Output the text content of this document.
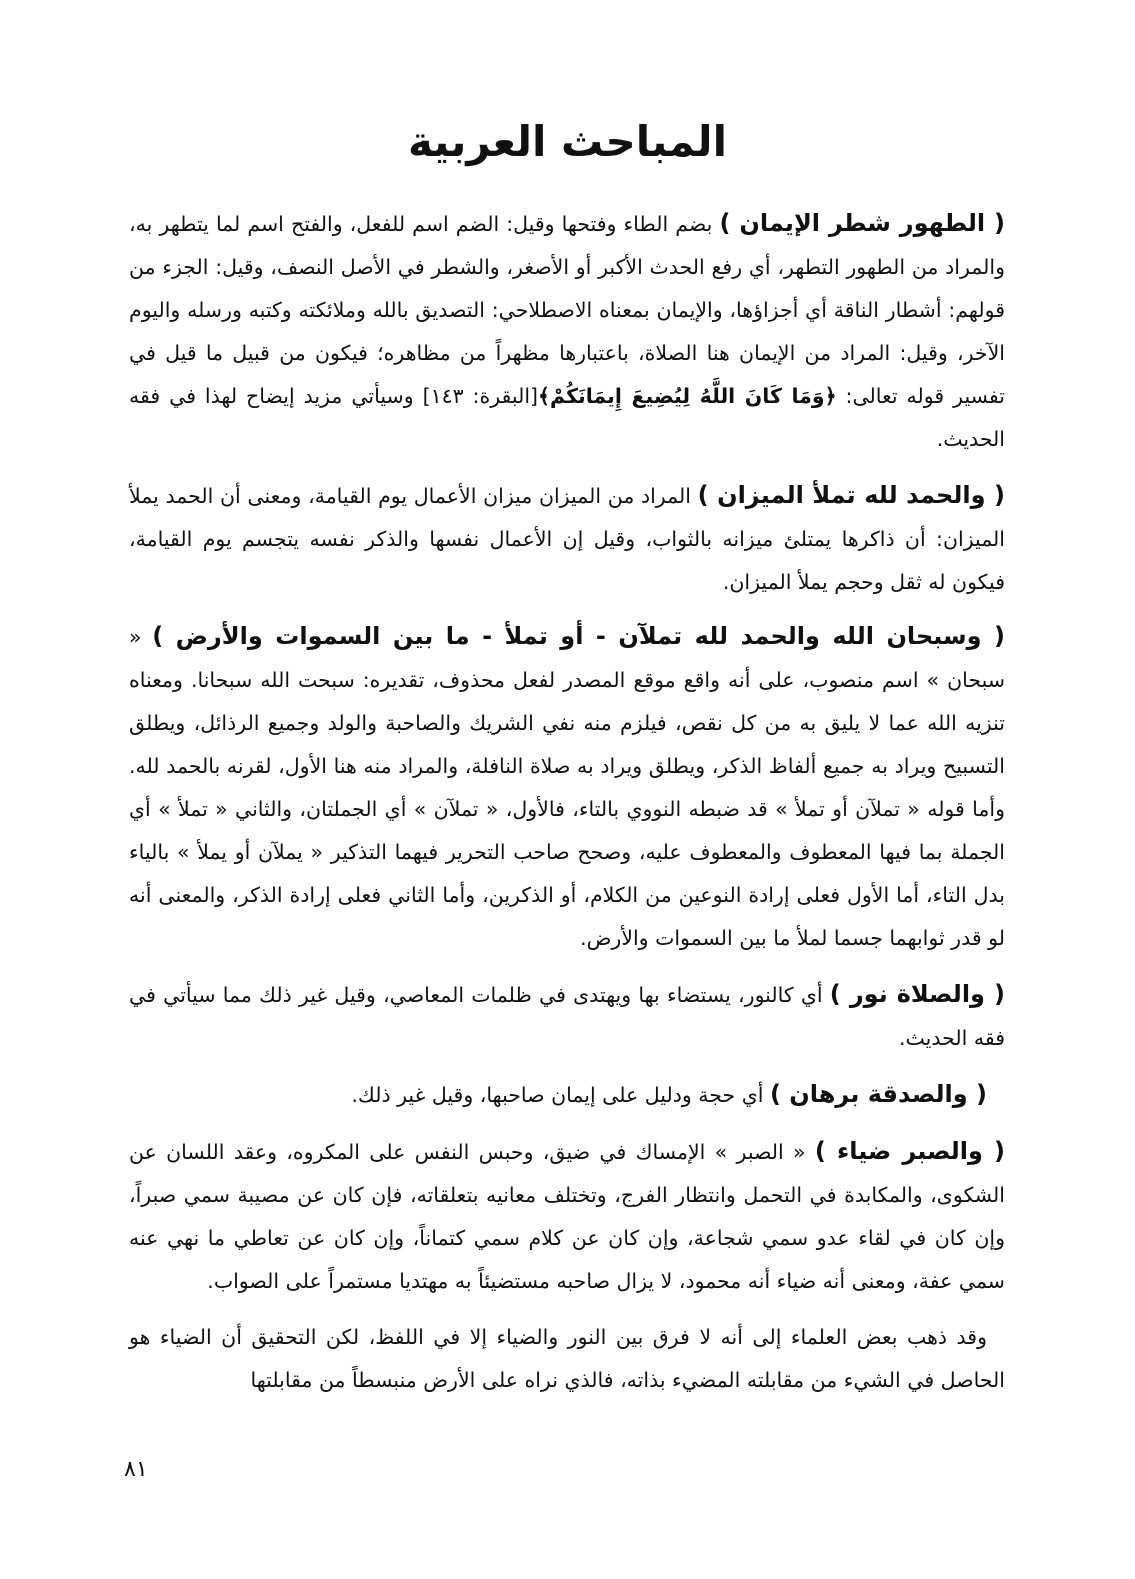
المباحث العربية

( الطهور شطر الإيمان ) بضم الطاء وفتحها وقيل: الضم اسم للفعل، والفتح اسم لما يتطهر به، والمراد من الطهور التطهر، أي رفع الحدث الأكبر أو الأصغر، والشطر في الأصل النصف، وقيل: الجزء من قولهم: أشطار الناقة أي أجزاؤها، والإيمان بمعناه الاصطلاحي: التصديق بالله وملائكته وكتبه ورسله واليوم الآخر، وقيل: المراد من الإيمان هنا الصلاة، باعتبارها مظهراً من مظاهره؛ فيكون من قبيل ما قيل في تفسير قوله تعالى: ﴿وَمَا كَانَ اللَّهُ لِيُضِيعَ إِيمَانَكُمْ﴾[البقرة: ١٤٣] وسيأتي مزيد إيضاح لهذا في فقه الحديث.

( والحمد لله تملأ الميزان ) المراد من الميزان ميزان الأعمال يوم القيامة، ومعنى أن الحمد يملأ الميزان: أن ذاكرها يمتلئ ميزانه بالثواب، وقيل إن الأعمال نفسها والذكر نفسه يتجسم يوم القيامة، فيكون له ثقل وحجم يملأ الميزان.

( وسبحان الله والحمد لله تملآن - أو تملأ - ما بين السموات والأرض ) « سبحان » اسم منصوب، على أنه واقع موقع المصدر لفعل محذوف، تقديره: سبحت الله سبحانا. ومعناه تنزيه الله عما لا يليق به من كل نقص، فيلزم منه نفي الشريك والصاحبة والولد وجميع الرذائل، ويطلق التسبيح ويراد به جميع ألفاظ الذكر، ويطلق ويراد به صلاة النافلة، والمراد منه هنا الأول، لقرنه بالحمد لله. وأما قوله « تملآن أو تملأ » قد ضبطه النووي بالتاء، فالأول، « تملآن » أي الجملتان، والثاني « تملأ » أي الجملة بما فيها المعطوف والمعطوف عليه، وصحح صاحب التحرير فيهما التذكير « يملآن أو يملأ » بالياء بدل التاء، أما الأول فعلى إرادة النوعين من الكلام، أو الذكرين، وأما الثاني فعلى إرادة الذكر، والمعنى أنه لو قدر ثوابهما جسما لملأ ما بين السموات والأرض.

( والصلاة نور ) أي كالنور، يستضاء بها ويهتدى في ظلمات المعاصي، وقيل غير ذلك مما سيأتي في فقه الحديث.

( والصدقة برهان ) أي حجة ودليل على إيمان صاحبها، وقيل غير ذلك.

( والصبر ضياء ) « الصبر » الإمساك في ضيق، وحبس النفس على المكروه، وعقد اللسان عن الشكوى، والمكابدة في التحمل وانتظار الفرج، وتختلف معانيه بتعلقاته، فإن كان عن مصيبة سمي صبراً، وإن كان في لقاء عدو سمي شجاعة، وإن كان عن كلام سمي كتماناً، وإن كان عن تعاطي ما نهي عنه سمي عفة، ومعنى أنه ضياء أنه محمود، لا يزال صاحبه مستضيئاً به مهتديا مستمراً على الصواب.

وقد ذهب بعض العلماء إلى أنه لا فرق بين النور والضياء إلا في اللفظ، لكن التحقيق أن الضياء هو الحاصل في الشيء من مقابلته المضيء بذاته، فالذي نراه على الأرض منبسطاً من مقابلتها

٨١
